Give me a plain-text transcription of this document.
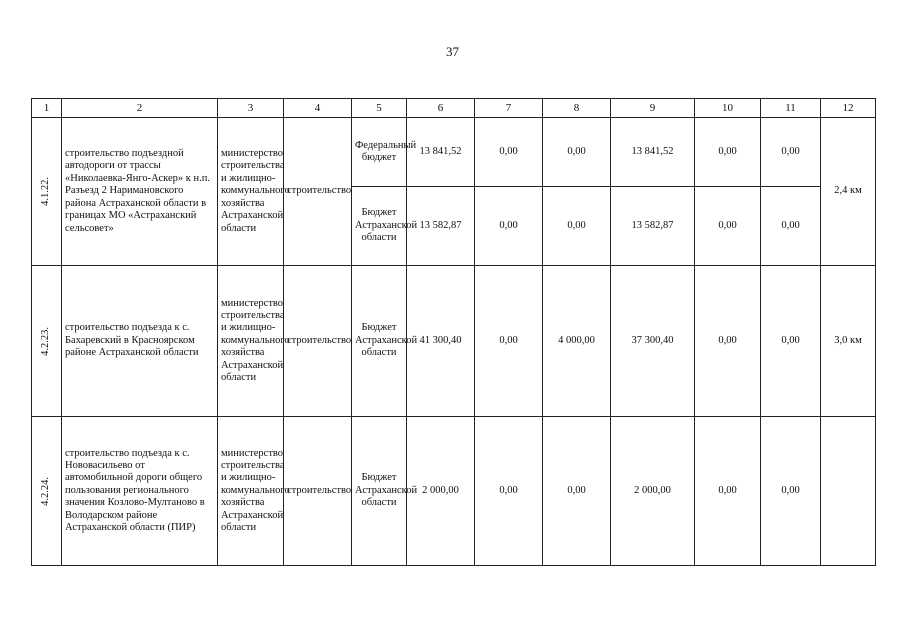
37
1	2	3	4	5	6	7	8	9	10	11	12

4.1.22.	строительство подъездной автодороги от трассы «Николаевка-Янго-Аскер» к н.п. Разъезд 2 Наримановского района Астраханской области в границах МО «Астраханский сельсовет»	министерство строительства и жилищно-коммунального хозяйства Астраханской области	строительство	Федеральный бюджет	13 841,52	0,00	0,00	13 841,52	0,00	0,00	2,4 км
				Бюджет Астраханской области	13 582,87	0,00	0,00	13 582,87	0,00	0,00	

4.2.23.	строительство подъезда к с. Бахаревский в Красноярском районе Астраханской области	министерство строительства и жилищно-коммунального хозяйства Астраханской области	строительство	Бюджет Астраханской области	41 300,40	0,00	4 000,00	37 300,40	0,00	0,00	3,0 км

4.2.24.	строительство подъезда к с. Нововасильево от автомобильной дороги общего пользования регионального значения Козлово-Мултаново в Володарском районе Астраханской области (ПИР)	министерство строительства и жилищно-коммунального хозяйства Астраханской области	строительство	Бюджет Астраханской области	2 000,00	0,00	0,00	2 000,00	0,00	0,00	
